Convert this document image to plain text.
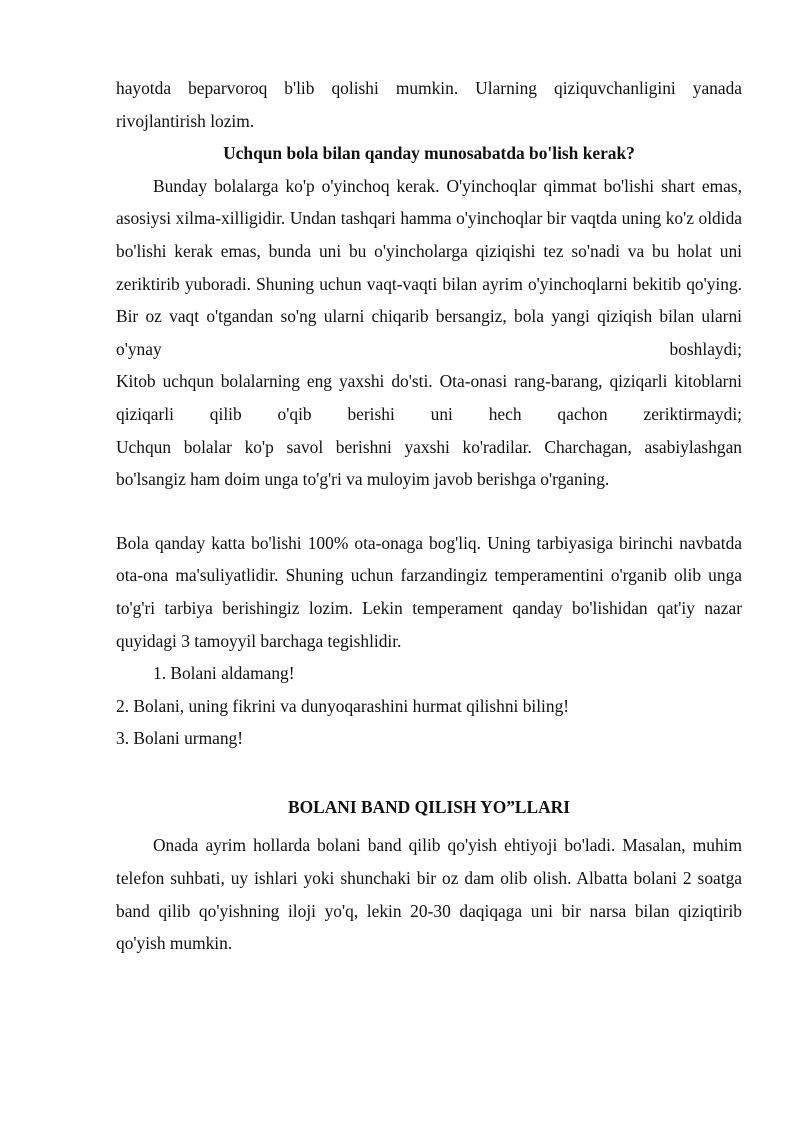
hayotda beparvoroq b'lib qolishi mumkin. Ularning qiziquvchanligini yanada rivojlantirish lozim.

Uchqun bola bilan qanday munosabatda bo'lish kerak?

Bunday bolalarga ko'p o'yinchoq kerak. O'yinchoqlar qimmat bo'lishi shart emas, asosiysi xilma-xilligidir. Undan tashqari hamma o'yinchoqlar bir vaqtda uning ko'z oldida bo'lishi kerak emas, bunda uni bu o'yincholarga qiziqishi tez so'nadi va bu holat uni zeriktirib yuboradi. Shuning uchun vaqt-vaqti bilan ayrim o'yinchoqlarni bekitib qo'ying. Bir oz vaqt o'tgandan so'ng ularni chiqarib bersangiz, bola yangi qiziqish bilan ularni o'ynay boshlaydi;
Kitob uchqun bolalarning eng yaxshi do'sti. Ota-onasi rang-barang, qiziqarli kitoblarni qiziqarli qilib o'qib berishi uni hech qachon zeriktirmaydi;
Uchqun bolalar ko'p savol berishni yaxshi ko'radilar. Charchagan, asabiylashgan bo'lsangiz ham doim unga to'g'ri va muloyim javob berishga o'rganing.

Bola qanday katta bo'lishi 100% ota-onaga bog'liq. Uning tarbiyasiga birinchi navbatda ota-ona ma'suliyatlidir. Shuning uchun farzandingiz temperamentini o'rganib olib unga to'g'ri tarbiya berishingiz lozim. Lekin temperament qanday bo'lishidan qat'iy nazar quyidagi 3 tamoyyil barchaga tegishlidir.

1. Bolani aldamang!

2. Bolani, uning fikrini va dunyoqarashini hurmat qilishni biling!

3. Bolani urmang!

BOLANI BAND QILISH YO”LLARI

Onada ayrim hollarda bolani band qilib qo'yish ehtiyoji bo'ladi. Masalan, muhim telefon suhbati, uy ishlari yoki shunchaki bir oz dam olib olish. Albatta bolani 2 soatga band qilib qo'yishning iloji yo'q, lekin 20-30 daqiqaga uni bir narsa bilan qiziqtirib qo'yish mumkin.
